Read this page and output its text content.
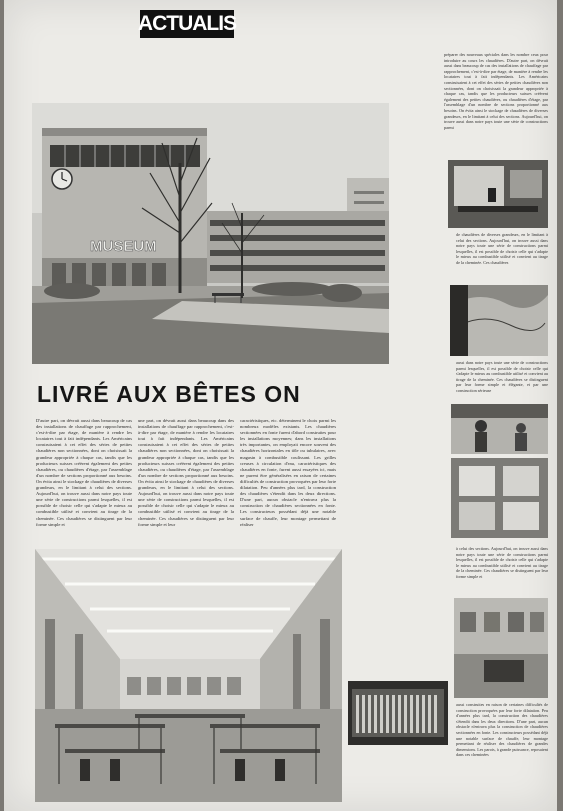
ACTUALIS
MUSEUM
LIVRÉ AUX BÊTES ON
D'autre part, on dévrait aussi dans beaucoup de cas des installations de chauffage par rapprochement, c'est-à-dire par étage, de manière à rendre les locataires tout à fait indépendants. Les Américains construisaient à cet effet des séries de petites chaudières non sectionnées, dont on choisissait la grandeur appropriée à chaque cas, tandis que les producteurs suisses créèrent également des petites chaudières, ou chaudières d'étage, par l'assemblage d'un nombre de sections proportionné aux besoins. On évita ainsi le stockage de chaudières de diverses grandeurs, en le limitant à celui des sections. Aujourd'hui, on trouve aussi dans notre pays toute une série de constructions parmi lesquelles, il est possible de choisir celle qui s'adapte le mieux au combustible utilisé et convient au tirage de la cheminée. Ces chaudières se distinguent par leur forme simple et
une part, on dévrait aussi dans beaucoup dans des installations de chauffage par rapprochement, c'est-à-dire par étage, de manière à rendre les locataires tout à fait indépendants. Les Américains construisaient à cet effet des séries de petites chaudières non sectionnées, dont on choisissait la grandeur appropriée à chaque cas, tandis que les producteurs suisses créèrent également des petites chaudières, ou chaudières d'étage, par l'assemblage d'un nombre de sections proportionné aux besoins. On évita ainsi le stockage de chaudières de diverses grandeurs, en le limitant à celui des sections. Aujourd'hui, on trouve aussi dans notre pays toute une série de constructions parmi lesquelles, il est possible de choisir celle qui s'adapte le mieux au combustible utilisé et convient au tirage de la cheminée. Ces chaudières se distinguent par leur forme simple et leur
caractéristiques, etc. déterminent le choix parmi les nombreux modèles existants. Les chaudières sectionnées en fonte furent d'abord construites pour les installations moyennes; dans les installations très importantes, on employait encore souvent des chaudières horizontales en tôle ou tubulaires, avec magasin à combustible coulissant. Les grilles creuses à circulation d'eau, caractéristiques des chaudières en fonte, furent aussi essayées ici, mais ne purent être généralisées en raison de certaines difficultés de construction provoquées par leur forte dilatation. Peu d'années plus tard, la construction des chaudières s'étendit dans les deux directions. D'une part, aucun obstacle n'entrava plus la construction de chaudières sectionnées en fonte. Les constructeurs possédant déjà une notable surface de chauffe, leur montage permettant de réaliser
préparer des nouveaux spéciales dans les nombre ceux pour introduire au cours les chaudières. D'autre part, on dévrait aussi dans beaucoup de cas des installations de chauffage par rapprochement, c'est-à-dire par étage, de manière à rendre les locataires tout à fait indépendants. Les Américains construisaient à cet effet des séries de petites chaudières non sectionnées, dont on choisissait la grandeur appropriée à chaque cas, tandis que les producteurs suisses créèrent également des petites chaudières, ou chaudières d'étage, par l'assemblage d'un nombre de sections proportionné aux besoins. On évita ainsi le stockage de chaudières de diverses grandeurs, en le limitant à celui des sections. Aujourd'hui, on trouve aussi dans notre pays toute une série de constructions parmi
de chaudières de diverses grandeurs, en le limitant à celui des sections. Aujourd'hui, on trouve aussi dans notre pays toute une série de constructions parmi lesquelles, il est possible de choisir celle qui s'adapte le mieux au combustible utilisé et convient au tirage de la cheminée. Ces chaudières
aussi dans notre pays toute une série de constructions parmi lesquelles, il est possible de choisir celle qui s'adapte le mieux au combustible utilisé et convient au tirage de la cheminée. Ces chaudières se distinguent par leur forme simple et élégante, et par une construction sérieuse
à celui des sections. Aujourd'hui, on trouve aussi dans notre pays toute une série de constructions parmi lesquelles, il est possible de choisir celle qui s'adapte le mieux au combustible utilisé et convient au tirage de la cheminée. Ces chaudières se distinguent par leur forme simple et
aussi construites en raison de certaines difficultés de construction provoquées par leur forte dilatation. Peu d'années plus tard, la construction des chaudières s'étendit dans les deux directions. D'une part, aucun obstacle n'entrava plus la construction de chaudières sectionnées en fonte. Les constructeurs possédant déjà une notable surface de chauffe, leur montage permettant de réaliser des chaudières de grandes dimensions. Les parois, à grande puissance, reposaient dans ces cheminées
